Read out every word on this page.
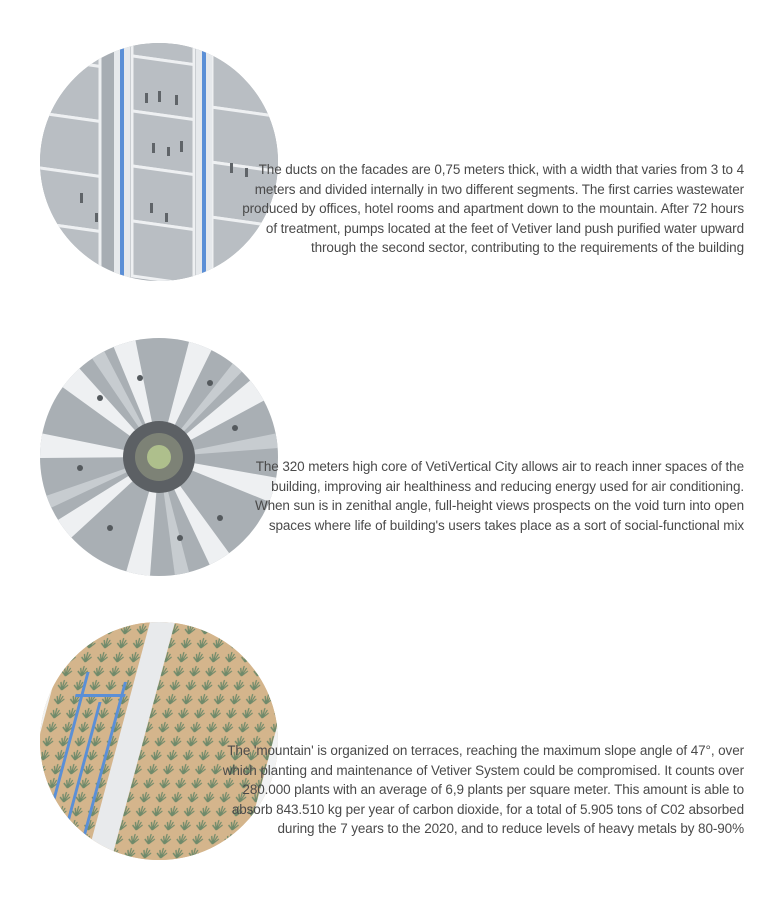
The ducts on the facades are 0,75 meters thick, with a width that varies from 3 to 4 meters and divided internally in two different segments. The first carries wastewater produced by offices, hotel rooms and apartment down to the mountain. After 72 hours of treatment, pumps located at the feet of Vetiver land push purified water upward through the second sector, contributing to the requirements of the building
The 320 meters high core of VetiVertical City allows air to reach inner spaces of the building, improving air healthiness and reducing energy used for air conditioning. When sun is in zenithal angle, full-height views prospects on the void turn into open spaces where life of building's users takes place as a sort of social-functional mix
The 'mountain' is organized on terraces, reaching the maximum slope angle of 47°, over which planting and maintenance of Vetiver System could be compromised. It counts over 280.000 plants with an average of 6,9 plants per square meter. This amount is able to absorb 843.510 kg per year of carbon dioxide, for a total of 5.905 tons of C02 absorbed during the 7 years to the 2020, and to reduce levels of heavy metals by 80-90%
